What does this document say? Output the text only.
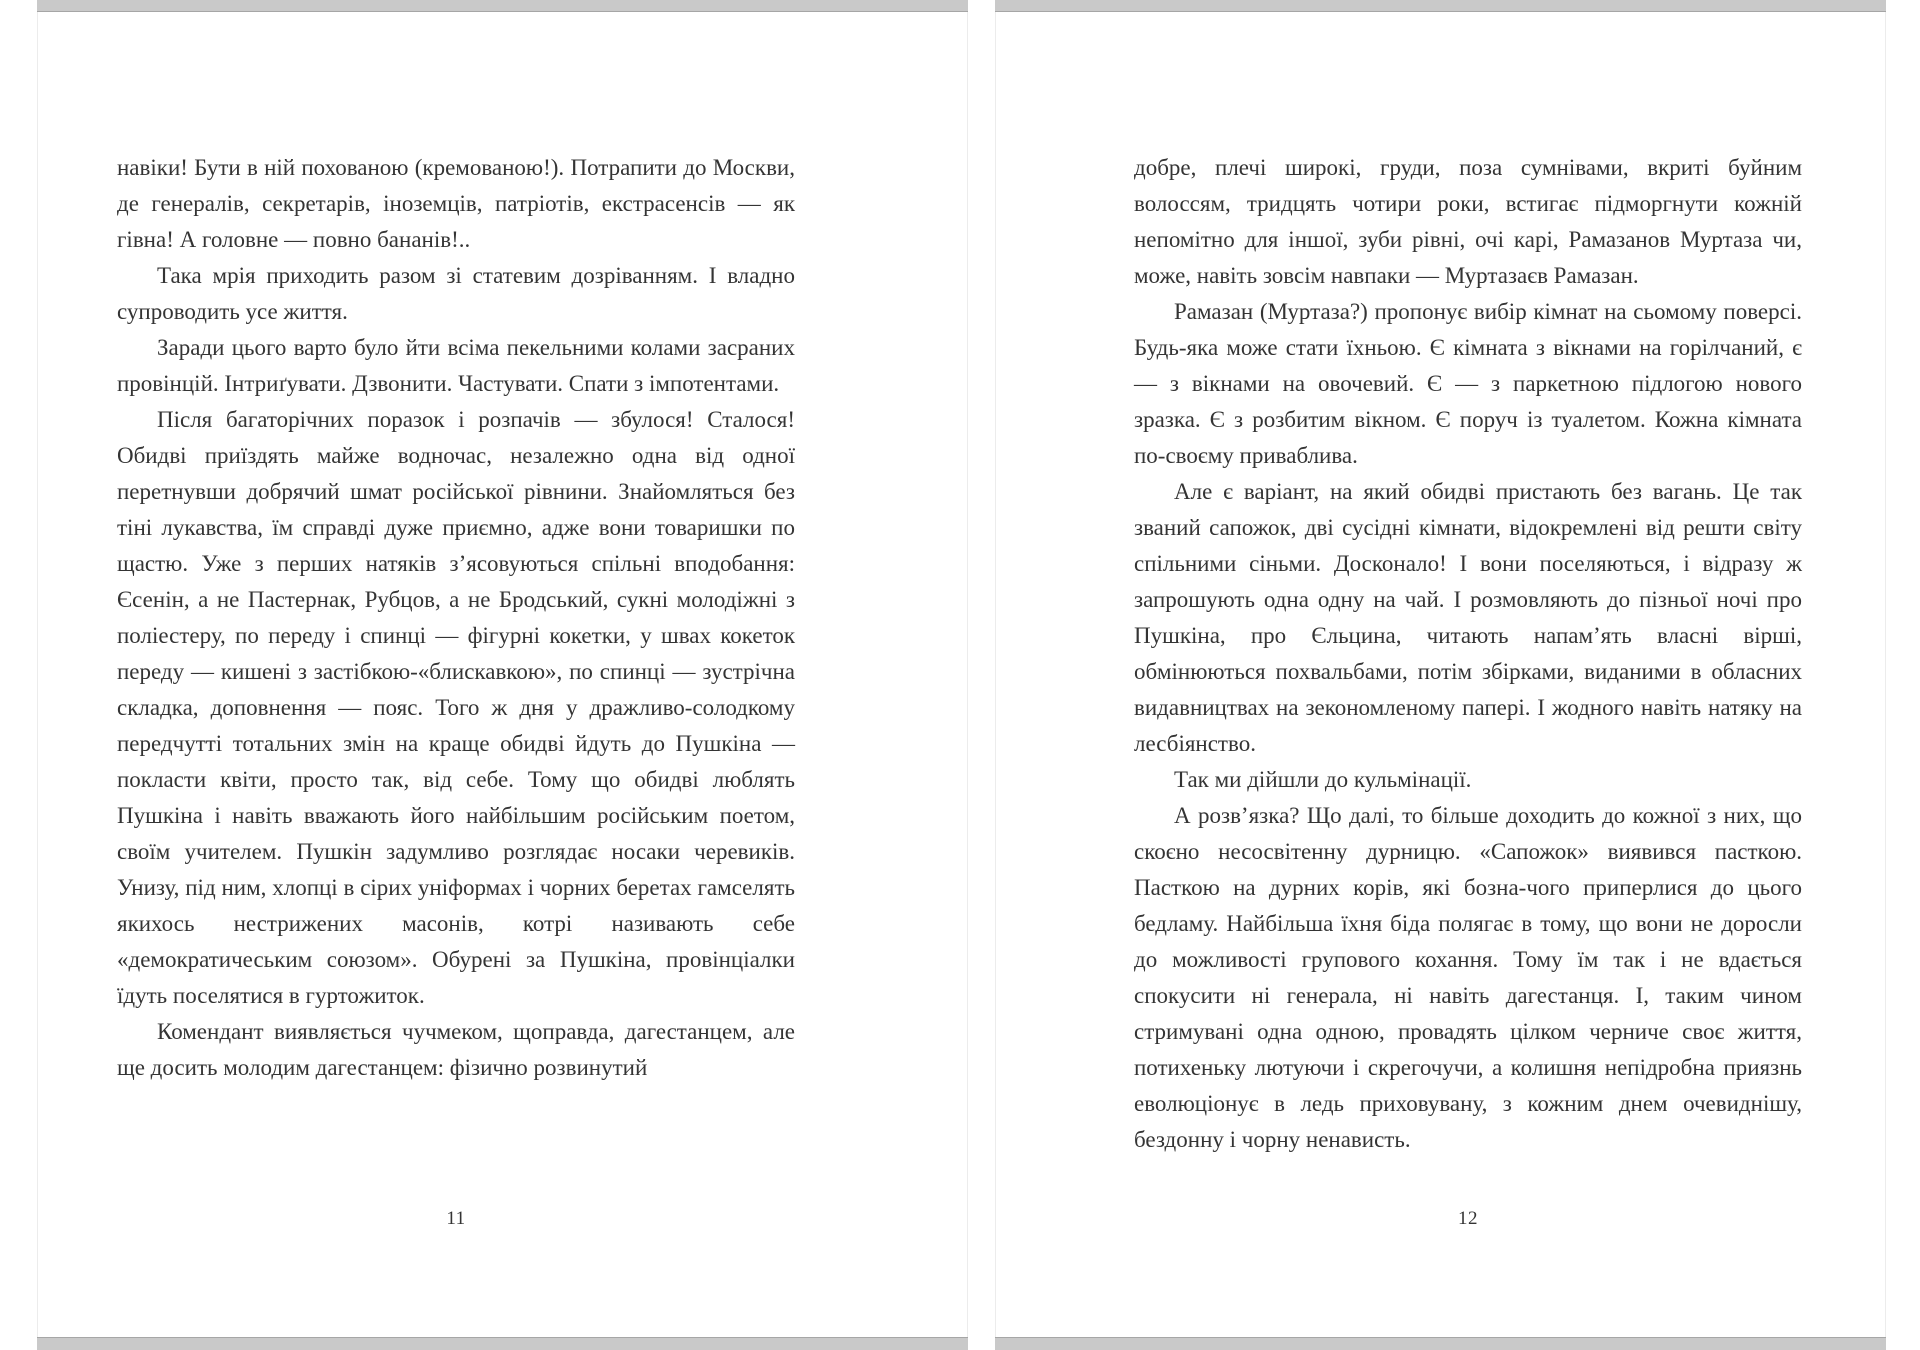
навіки! Бути в ній похованою (кремованою!). Потрапити до Москви, де генералів, секретарів, іноземців, патріотів, екстрасенсів — як гівна! А головне — повно бананів!..

Така мрія приходить разом зі статевим дозріванням. І владно супроводить усе життя.

Заради цього варто було йти всіма пекельними колами засраних провінцій. Інтриґувати. Дзвонити. Частувати. Спати з імпотентами.

Після багаторічних поразок і розпачів — збулося! Сталося! Обидві приїздять майже водночас, незалежно одна від одної перетнувши добрячий шмат російської рівнини. Знайомляться без тіні лукавства, їм справді дуже приємно, адже вони товаришки по щастю. Уже з перших натяків з’ясовуються спільні вподобання: Єсенін, а не Пастернак, Рубцов, а не Бродський, сукні молодіжні з поліестеру, по переду і спинці — фігурні кокетки, у швах кокеток переду — кишені з застібкою-«блискавкою», по спинці — зустрічна складка, доповнення — пояс. Того ж дня у дражливо-солодкому передчутті тотальних змін на краще обидві йдуть до Пушкіна — покласти квіти, просто так, від себе. Тому що обидві люблять Пушкіна і навіть вважають його найбільшим російським поетом, своїм учителем. Пушкін задумливо розглядає носаки черевиків. Унизу, під ним, хлопці в сірих уніформах і чорних беретах гамселять якихось нестрижених масонів, котрі називають себе «демократичеським союзом». Обурені за Пушкіна, провінціалки їдуть поселятися в гуртожиток.

Комендант виявляється чучмеком, щоправда, дагестанцем, але ще досить молодим дагестанцем: фізично розвинутий

11

добре, плечі широкі, груди, поза сумнівами, вкриті буйним волоссям, тридцять чотири роки, встигає підморгнути кожній непомітно для іншої, зуби рівні, очі карі, Рамазанов Муртаза чи, може, навіть зовсім навпаки — Муртазаєв Рамазан.

Рамазан (Муртаза?) пропонує вибір кімнат на сьомому поверсі. Будь-яка може стати їхньою. Є кімната з вікнами на горілчаний, є — з вікнами на овочевий. Є — з паркетною підлогою нового зразка. Є з розбитим вікном. Є поруч із туалетом. Кожна кімната по-своєму приваблива.

Але є варіант, на який обидві пристають без вагань. Це так званий сапожок, дві сусідні кімнати, відокремлені від решти світу спільними сіньми. Досконало! І вони поселяються, і відразу ж запрошують одна одну на чай. І розмовляють до пізньої ночі про Пушкіна, про Єльцина, читають напам’ять власні вірші, обмінюються похвальбами, потім збірками, виданими в обласних видавництвах на зекономленому папері. І жодного навіть натяку на лесбіянство.

Так ми дійшли до кульмінації.

А розв’язка? Що далі, то більше доходить до кожної з них, що скоєно несосвітенну дурницю. «Сапожок» виявився пасткою. Пасткою на дурних корів, які бозна-чого приперлися до цього бедламу. Найбільша їхня біда полягає в тому, що вони не доросли до можливості групового кохання. Тому їм так і не вдається спокусити ні генерала, ні навіть дагестанця. І, таким чином стримувані одна одною, провадять цілком черниче своє життя, потихеньку лютуючи і скрегочучи, а колишня непідробна приязнь еволюціонує в ледь приховувану, з кожним днем очевиднішу, бездонну і чорну ненависть.

12
